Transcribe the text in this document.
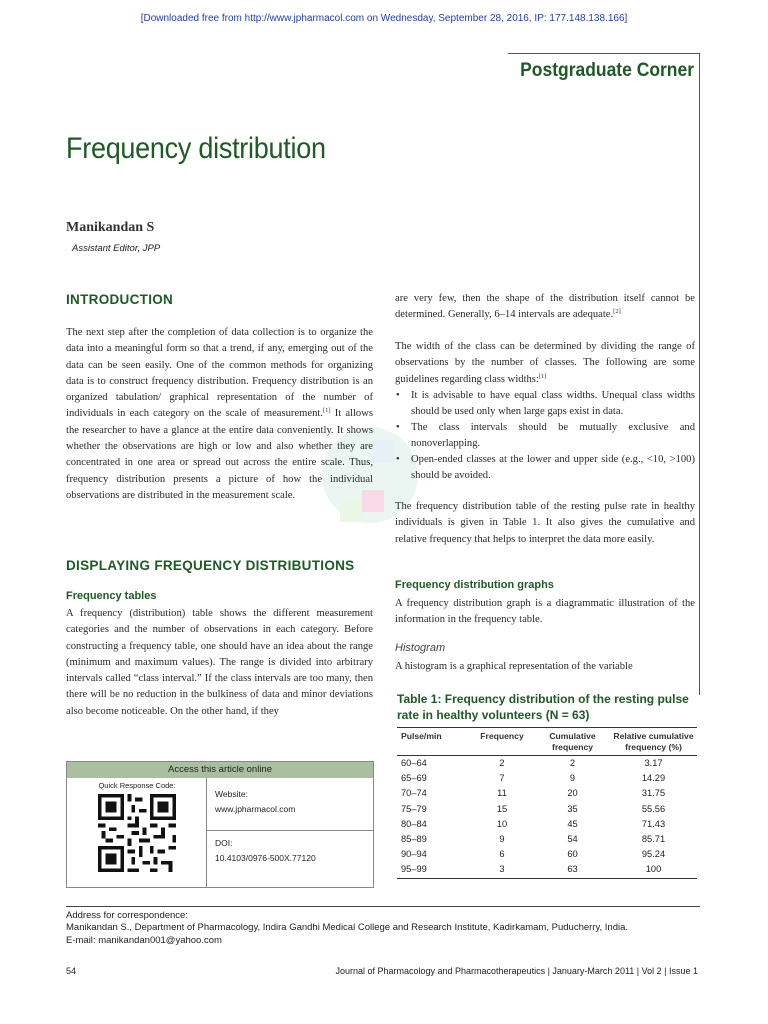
[Downloaded free from http://www.jpharmacol.com on Wednesday, September 28, 2016, IP: 177.148.138.166]
Postgraduate Corner
Frequency distribution
Manikandan S
Assistant Editor, JPP
INTRODUCTION

The next step after the completion of data collection is to organize the data into a meaningful form so that a trend, if any, emerging out of the data can be seen easily. One of the common methods for organizing data is to construct frequency distribution. Frequency distribution is an organized tabulation/ graphical representation of the number of individuals in each category on the scale of measurement.[1] It allows the researcher to have a glance at the entire data conveniently. It shows whether the observations are high or low and also whether they are concentrated in one area or spread out across the entire scale. Thus, frequency distribution presents a picture of how the individual observations are distributed in the measurement scale.

DISPLAYING FREQUENCY DISTRIBUTIONS
Frequency tables

A frequency (distribution) table shows the different measurement categories and the number of observations in each category. Before constructing a frequency table, one should have an idea about the range (minimum and maximum values). The range is divided into arbitrary intervals called “class interval.” If the class intervals are too many, then there will be no reduction in the bulkiness of data and minor deviations also become noticeable. On the other hand, if they

are very few, then the shape of the distribution itself cannot be determined. Generally, 6–14 intervals are adequate.[2]

The width of the class can be determined by dividing the range of observations by the number of classes. The following are some guidelines regarding class widths:[1]

• It is advisable to have equal class widths. Unequal class widths should be used only when large gaps exist in data.
• The class intervals should be mutually exclusive and nonoverlapping.
• Open-ended classes at the lower and upper side (e.g., <10, >100) should be avoided.

The frequency distribution table of the resting pulse rate in healthy individuals is given in Table 1. It also gives the cumulative and relative frequency that helps to interpret the data more easily.

Frequency distribution graphs

A frequency distribution graph is a diagrammatic illustration of the information in the frequency table.

Histogram

A histogram is a graphical representation of the variable

Table 1: Frequency distribution of the resting pulse rate in healthy volunteers (N = 63)
Pulse/min	Frequency	Cumulative frequency	Relative cumulative frequency (%)
60–64	2	2	3.17
65–69	7	9	14.29
70–74	11	20	31.75
75–79	15	35	55.56
80–84	10	45	71.43
85–89	9	54	85.71
90–94	6	60	95.24
95–99	3	63	100
Access this article online
Quick Response Code:
Website:
www.jpharmacol.com
DOI:
10.4103/0976-500X.77120
Address for correspondence:
Manikandan S., Department of Pharmacology, Indira Gandhi Medical College and Research Institute, Kadirkamam, Puducherry, India.
E-mail: manikandan001@yahoo.com
54	Journal of Pharmacology and Pharmacotherapeutics | January-March 2011 | Vol 2 | Issue 1
